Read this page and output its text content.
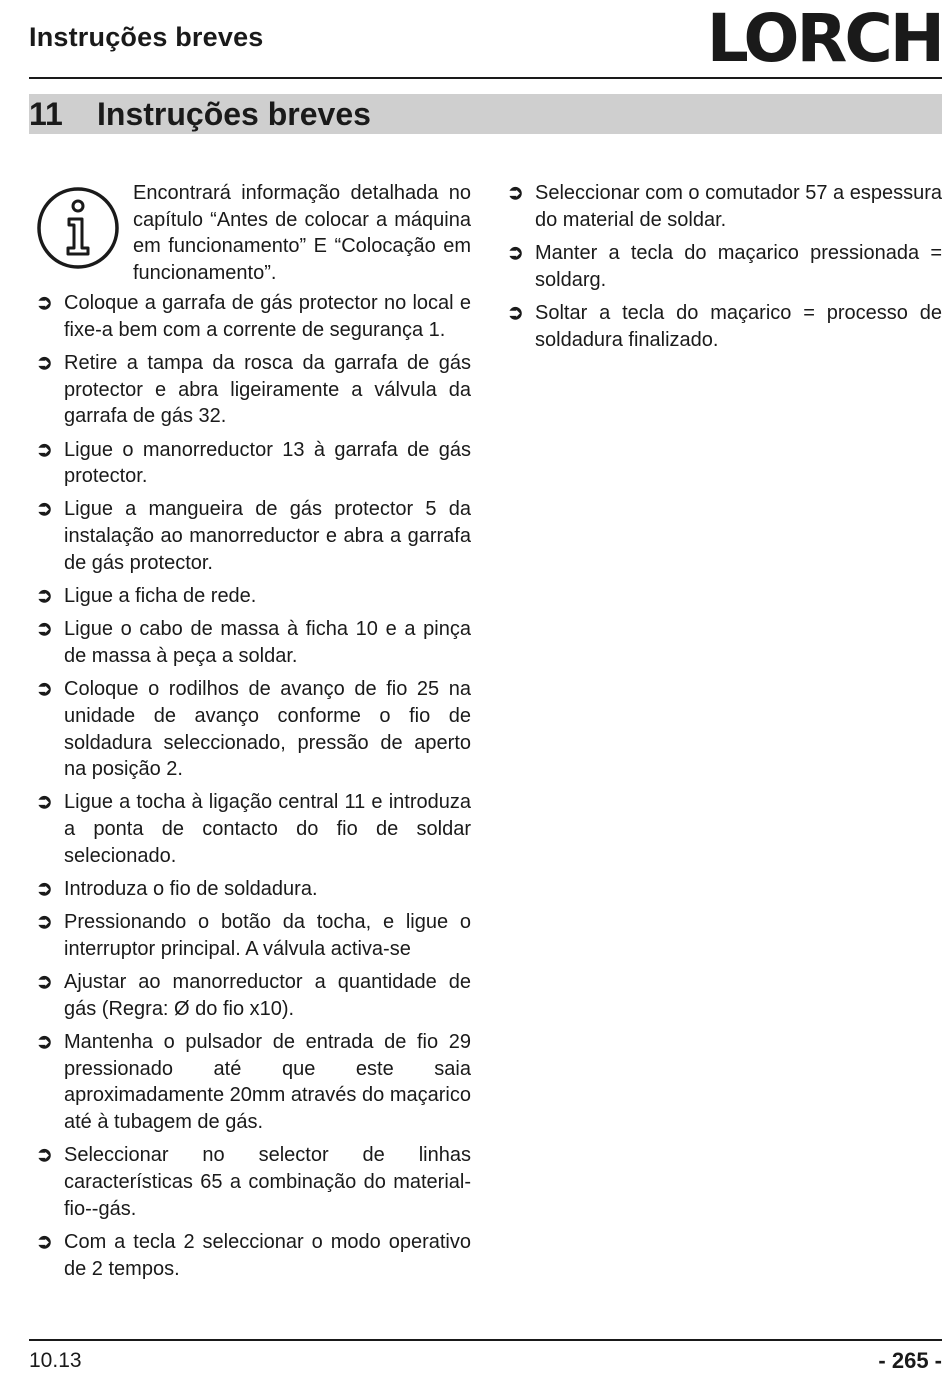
Instruções breves	LORCH
11 Instruções breves
Encontrará informação detalhada no capítulo “Antes de colocar a máquina em funcionamento” E “Colocação em funcionamento”.
➲ Coloque a garrafa de gás protector no local e fixe-a bem com a corrente de segurança 1.
➲ Retire a tampa da rosca da garrafa de gás protector e abra ligeiramente a válvula da garrafa de gás 32.
➲ Ligue o manorreductor 13 à garrafa de gás protector.
➲ Ligue a mangueira de gás protector 5 da instalação ao manorreductor e abra a garrafa de gás protector.
➲ Ligue a ficha de rede.
➲ Ligue o cabo de massa à ficha 10 e a pinça de massa à peça a soldar.
➲ Coloque o rodilhos de avanço de fio 25 na unidade de avanço conforme o fio de soldadura seleccionado, pressão de aperto na posição 2.
➲ Ligue a tocha à ligação central 11 e introduza a ponta de contacto do fio de soldar selecionado.
➲ Introduza o fio de soldadura.
➲ Pressionando o botão da tocha, e ligue o interruptor principal. A válvula activa-se
➲ Ajustar ao manorreductor a quantidade de gás (Regra: Ø do fio x10).
➲ Mantenha o pulsador de entrada de fio 29 pressionado até que este saia aproximadamente 20mm através do maçarico até à tubagem de gás.
➲ Seleccionar no selector de linhas características 65 a combinação do material-fio--gás.
➲ Com a tecla 2 seleccionar o modo operativo de 2 tempos.
➲ Seleccionar com o comutador 57 a espessura do material de soldar.
➲ Manter a tecla do maçarico pressionada = soldarg.
➲ Soltar a tecla do maçarico = processo de soldadura finalizado.
10.13	- 265 -
